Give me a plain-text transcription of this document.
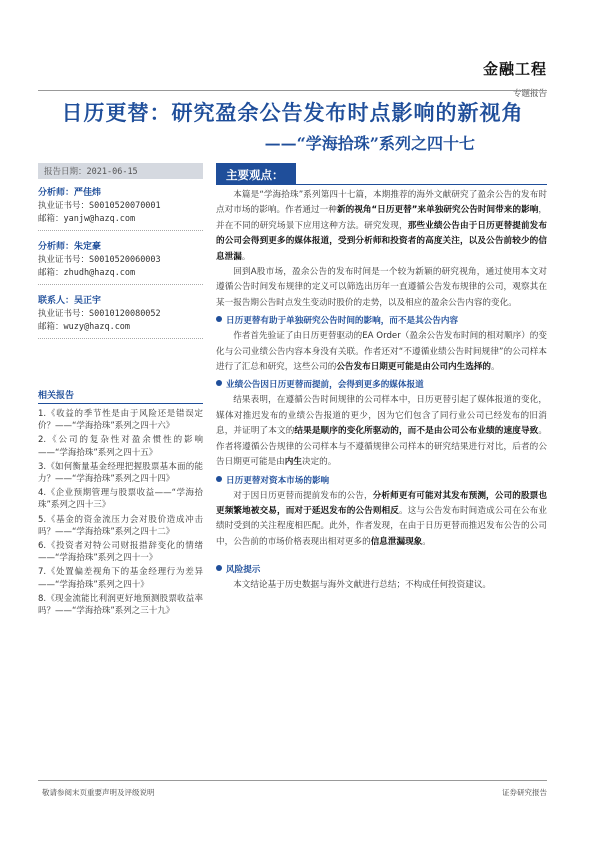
金融工程
专题报告
日历更替：研究盈余公告发布时点影响的新视角
——“学海拾珠”系列之四十七
报告日期：2021-06-15
分析师：严佳炜
执业证书号：S0010520070001
邮箱：yanjw@hazq.com
分析师：朱定豪
执业证书号：S0010520060003
邮箱：zhudh@hazq.com
联系人：吴正宇
执业证书号：S0010120080052
邮箱：wuzy@hazq.com
相关报告
1.《收益的季节性是由于风险还是错误定价？——“学海拾珠”系列之四十六》
2.《公司的复杂性对盈余惯性的影响——“学海拾珠”系列之四十五》
3.《如何衡量基金经理把握股票基本面的能力？——“学海拾珠”系列之四十四》
4.《企业预期管理与股票收益——“学海拾珠”系列之四十三》
5.《基金的资金流压力会对股价造成冲击吗？——“学海拾珠”系列之四十二》
6.《投资者对特公司财报措辞变化的情绪——“学海拾珠”系列之四十一》
7.《处置偏差视角下的基金经理行为差异——“学海拾珠”系列之四十》
8.《现金流能比利润更好地预测股票收益率吗？——“学海拾珠”系列之三十九》
主要观点：

本篇是“学海拾珠”系列第四十七篇，本期推荐的海外文献研究了盈余公告的发布时点对市场的影响。作者通过一种新的视角“日历更替”来单独研究公告时间带来的影响，并在不同的研究场景下应用这种方法。研究发现，那些业绩公告由于日历更替提前发布的公司会得到更多的媒体报道，受到分析师和投资者的高度关注，以及公告前较少的信息泄漏。

回到A股市场，盈余公告的发布时间是一个较为新颖的研究视角，通过使用本文对遵循公告时间发布规律的定义可以筛选出历年一直遵循公告发布规律的公司，观察其在某一报告期公告时点发生变动时股价的走势，以及相应的盈余公告内容的变化。

日历更替有助于单独研究公告时间的影响，而不是其公告内容

作者首先验证了由日历更替驱动的EA Order（盈余公告发布时间的相对顺序）的变化与公司业绩公告内容本身没有关联。作者还对“不遵循业绩公告时间规律”的公司样本进行了汇总和研究，这些公司的公告发布日期更可能是由公司内生选择的。

业绩公告因日历更替而提前，会得到更多的媒体报道

结果表明，在遵循公告时间规律的公司样本中，日历更替引起了媒体报道的变化，媒体对推迟发布的业绩公告报道的更少，因为它们包含了同行业公司已经发布的旧消息，并证明了本文的结果是顺序的变化所驱动的，而不是由公司公布业绩的速度导致。作者将遵循公告规律的公司样本与不遵循规律公司样本的研究结果进行对比，后者的公告日期更可能是由内生决定的。

日历更替对资本市场的影响

对于因日历更替而提前发布的公告，分析师更有可能对其发布预测，公司的股票也更频繁地被交易，而对于延迟发布的公告则相反。这与公告发布时间造成公司在公布业绩时受到的关注程度相匹配。此外，作者发现，在由于日历更替而推迟发布公告的公司中，公告前的市场价格表现出相对更多的信息泄漏现象。

风险提示

本文结论基于历史数据与海外文献进行总结；不构成任何投资建议。

敬请参阅末页重要声明及评级说明	证券研究报告
